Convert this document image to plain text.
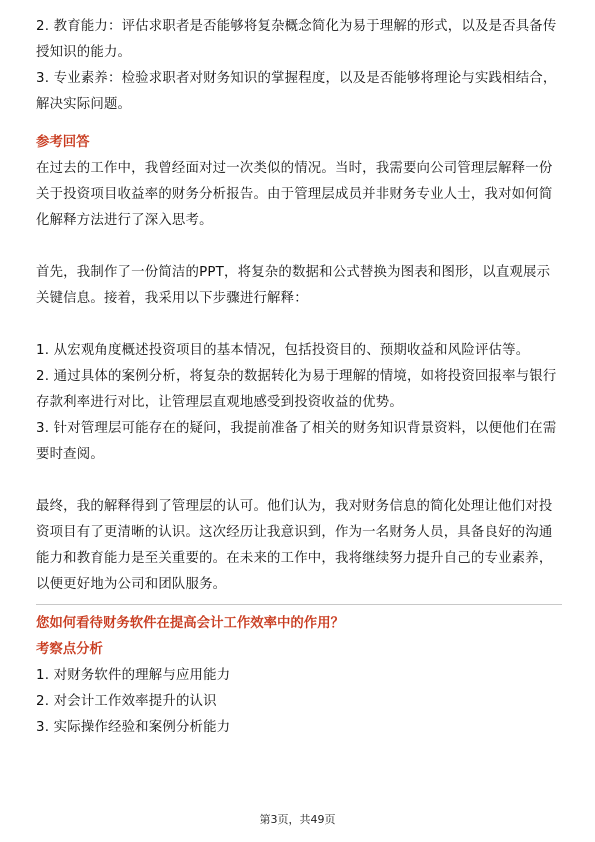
2. 教育能力：评估求职者是否能够将复杂概念简化为易于理解的形式，以及是否具备传授知识的能力。

3. 专业素养：检验求职者对财务知识的掌握程度，以及是否能够将理论与实践相结合，解决实际问题。

参考回答

在过去的工作中，我曾经面对过一次类似的情况。当时，我需要向公司管理层解释一份关于投资项目收益率的财务分析报告。由于管理层成员并非财务专业人士，我对如何简化解释方法进行了深入思考。

首先，我制作了一份简洁的PPT，将复杂的数据和公式替换为图表和图形，以直观展示关键信息。接着，我采用以下步骤进行解释：

1. 从宏观角度概述投资项目的基本情况，包括投资目的、预期收益和风险评估等。

2. 通过具体的案例分析，将复杂的数据转化为易于理解的情境，如将投资回报率与银行存款利率进行对比，让管理层直观地感受到投资收益的优势。

3. 针对管理层可能存在的疑问，我提前准备了相关的财务知识背景资料，以便他们在需要时查阅。

最终，我的解释得到了管理层的认可。他们认为，我对财务信息的简化处理让他们对投资项目有了更清晰的认识。这次经历让我意识到，作为一名财务人员，具备良好的沟通能力和教育能力是至关重要的。在未来的工作中，我将继续努力提升自己的专业素养，以便更好地为公司和团队服务。

您如何看待财务软件在提高会计工作效率中的作用？

考察点分析

1. 对财务软件的理解与应用能力

2. 对会计工作效率提升的认识

3. 实际操作经验和案例分析能力

第3页，共49页
